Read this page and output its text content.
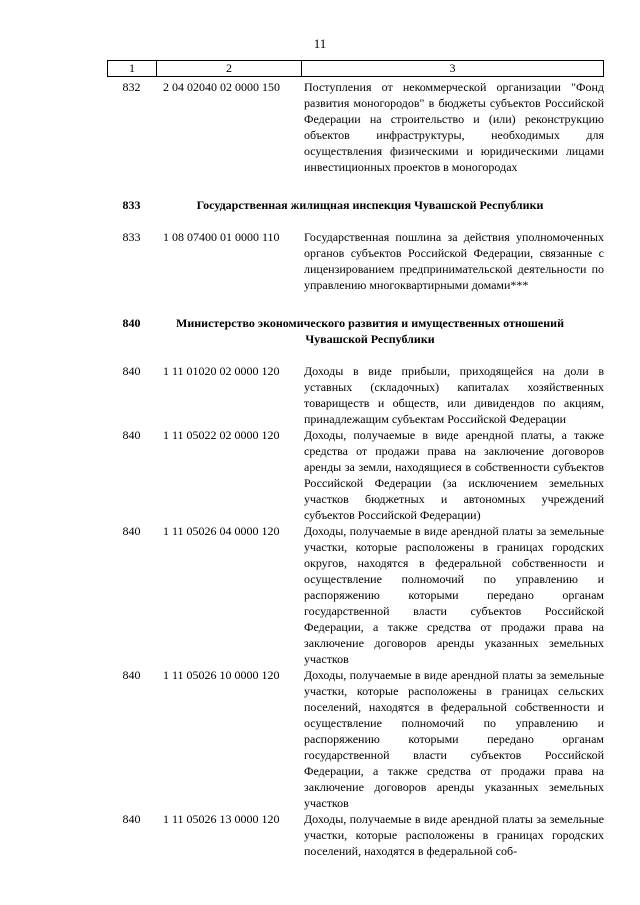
11
1	2	3
832	2 04 02040 02 0000 150	Поступления от некоммерческой организации "Фонд развития моногородов" в бюджеты субъектов Российской Федерации на строительство и (или) реконструкцию объектов инфраструктуры, необходимых для осуществления физическими и юридическими лицами инвестиционных проектов в моногородах
833	Государственная жилищная инспекция Чувашской Республики
833	1 08 07400 01 0000 110	Государственная пошлина за действия уполномоченных органов субъектов Российской Федерации, связанные с лицензированием предпринимательской деятельности по управлению многоквартирными домами***
840	Министерство экономического развития и имущественных отношений Чувашской Республики
840	1 11 01020 02 0000 120	Доходы в виде прибыли, приходящейся на доли в уставных (складочных) капиталах хозяйственных товариществ и обществ, или дивидендов по акциям, принадлежащим субъектам Российской Федерации
840	1 11 05022 02 0000 120	Доходы, получаемые в виде арендной платы, а также средства от продажи права на заключение договоров аренды за земли, находящиеся в собственности субъектов Российской Федерации (за исключением земельных участков бюджетных и автономных учреждений субъектов Российской Федерации)
840	1 11 05026 04 0000 120	Доходы, получаемые в виде арендной платы за земельные участки, которые расположены в границах городских округов, находятся в федеральной собственности и осуществление полномочий по управлению и распоряжению которыми передано органам государственной власти субъектов Российской Федерации, а также средства от продажи права на заключение договоров аренды указанных земельных участков
840	1 11 05026 10 0000 120	Доходы, получаемые в виде арендной платы за земельные участки, которые расположены в границах сельских поселений, находятся в федеральной собственности и осуществление полномочий по управлению и распоряжению которыми передано органам государственной власти субъектов Российской Федерации, а также средства от продажи права на заключение договоров аренды указанных земельных участков
840	1 11 05026 13 0000 120	Доходы, получаемые в виде арендной платы за земельные участки, которые расположены в границах городских поселений, находятся в федеральной соб-
